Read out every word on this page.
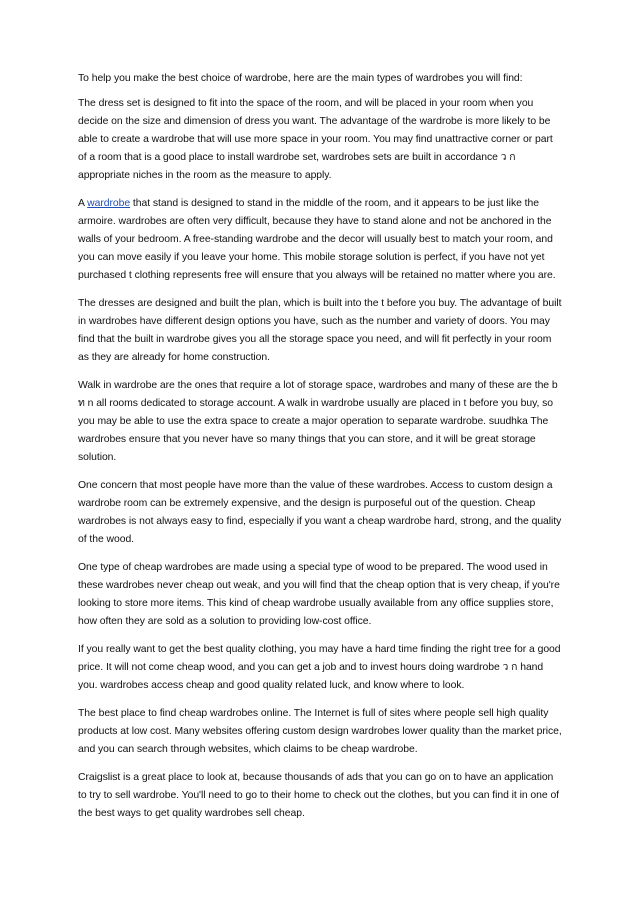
To help you make the best choice of wardrobe, here are the main types of wardrobes you will find:

The dress set is designed to fit into the space of the room, and will be placed in your room when you decide on the size and dimension of dress you want. The advantage of the wardrobe is more likely to be able to create a wardrobe that will use more space in your room. You may find unattractive corner or part of a room that is a good place to install wardrobe set, wardrobes sets are built in accordance ว ก appropriate niches in the room as the measure to apply.

A wardrobe that stand is designed to stand in the middle of the room, and it appears to be just like the armoire. wardrobes are often very difficult, because they have to stand alone and not be anchored in the walls of your bedroom. A free-standing wardrobe and the decor will usually best to match your room, and you can move easily if you leave your home. This mobile storage solution is perfect, if you have not yet purchased t clothing represents free will ensure that you always will be retained no matter where you are.

The dresses are designed and built the plan, which is built into the t before you buy. The advantage of built in wardrobes have different design options you have, such as the number and variety of doors. You may find that the built in wardrobe gives you all the storage space you need, and will fit perfectly in your room as they are already for home construction.

Walk in wardrobe are the ones that require a lot of storage space, wardrobes and many of these are the b ท n all rooms dedicated to storage account. A walk in wardrobe usually are placed in t before you buy, so you may be able to use the extra space to create a major operation to separate wardrobe. suudhka The wardrobes ensure that you never have so many things that you can store, and it will be great storage solution.

One concern that most people have more than the value of these wardrobes. Access to custom design a wardrobe room can be extremely expensive, and the design is purposeful out of the question. Cheap wardrobes is not always easy to find, especially if you want a cheap wardrobe hard, strong, and the quality of the wood.

One type of cheap wardrobes are made using a special type of wood to be prepared. The wood used in these wardrobes never cheap out weak, and you will find that the cheap option that is very cheap, if you're looking to store more items. This kind of cheap wardrobe usually available from any office supplies store, how often they are sold as a solution to providing low-cost office.

If you really want to get the best quality clothing, you may have a hard time finding the right tree for a good price. It will not come cheap wood, and you can get a job and to invest hours doing wardrobe ว ก hand you. wardrobes access cheap and good quality related luck, and know where to look.

The best place to find cheap wardrobes online. The Internet is full of sites where people sell high quality products at low cost. Many websites offering custom design wardrobes lower quality than the market price, and you can search through websites, which claims to be cheap wardrobe.

Craigslist is a great place to look at, because thousands of ads that you can go on to have an application to try to sell wardrobe. You'll need to go to their home to check out the clothes, but you can find it in one of the best ways to get quality wardrobes sell cheap.
